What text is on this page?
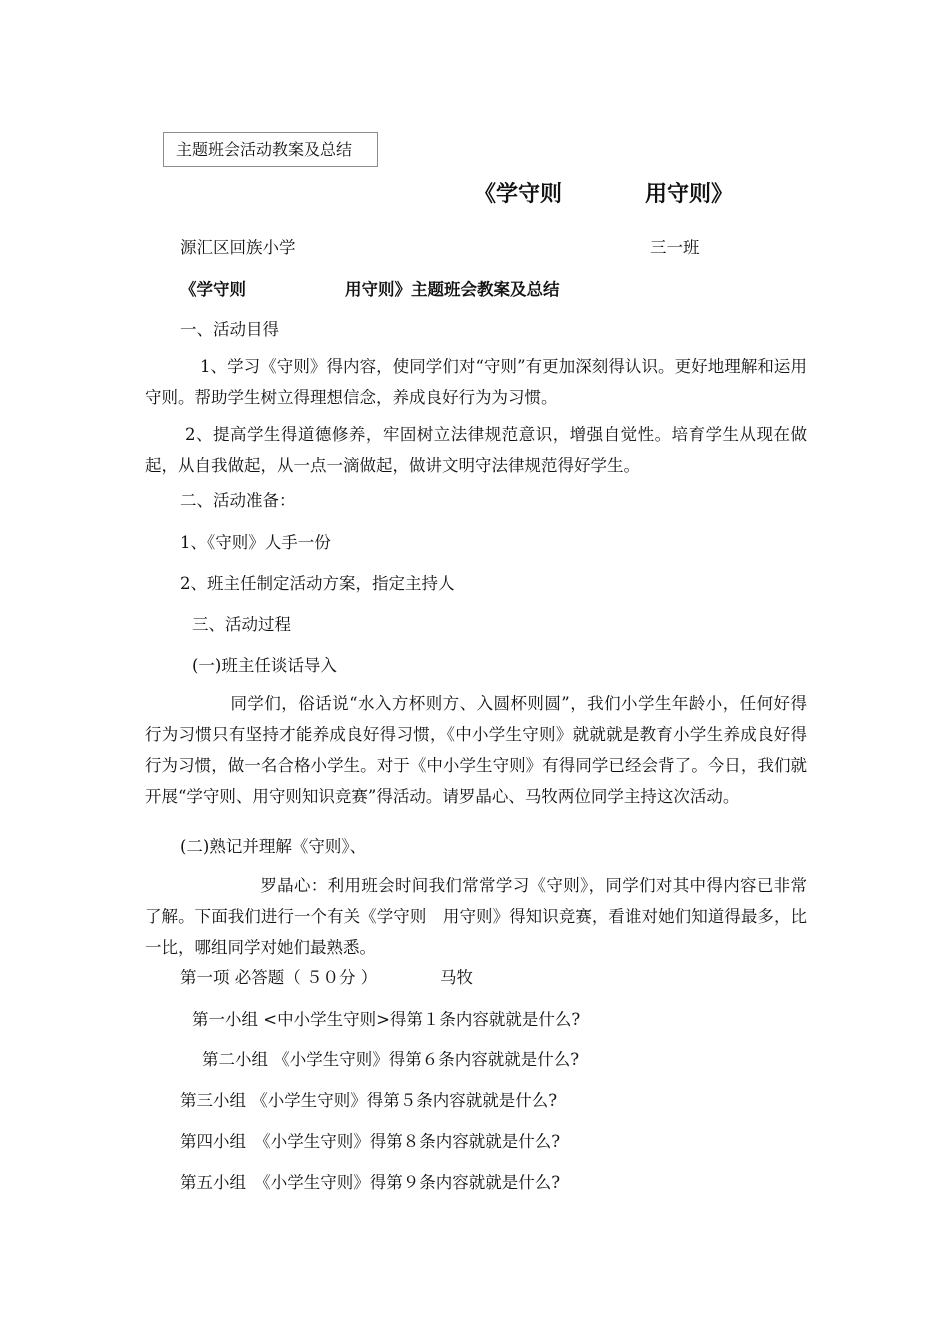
主题班会活动教案及总结
《学守则	用守则》
源汇区回族小学	三一班
《学守则	用守则》主题班会教案及总结
一、活动目得
1、学习《守则》得内容，使同学们对“守则”有更加深刻得认识。更好地理解和运用守则。帮助学生树立得理想信念，养成良好行为为习惯。
2、提高学生得道德修养，牢固树立法律规范意识，增强自觉性。培育学生从现在做起，从自我做起，从一点一滴做起，做讲文明守法律规范得好学生。
二、活动准备：
1、《守则》人手一份
2、班主任制定活动方案，指定主持人
三、活动过程
(一)班主任谈话导入
同学们，俗话说“水入方杯则方、入圆杯则圆”，我们小学生年龄小，任何好得行为习惯只有坚持才能养成良好得习惯，《中小学生守则》就就就是教育小学生养成良好得行为习惯，做一名合格小学生。对于《中小学生守则》有得同学已经会背了。今日，我们就开展“学守则、用守则知识竞赛”得活动。请罗晶心、马牧两位同学主持这次活动。
(二)熟记并理解《守则》、
罗晶心：利用班会时间我们常常学习《守则》，同学们对其中得内容已非常了解。下面我们进行一个有关《学守则　用守则》得知识竞赛，看谁对她们知道得最多，比一比，哪组同学对她们最熟悉。
第一项 必答题（ ５０分 ）	马牧
第一小组 <中小学生守则>得第１条内容就就是什么?
第二小组 《小学生守则》得第６条内容就就是什么?
第三小组 《小学生守则》得第５条内容就就是什么?
第四小组　《小学生守则》得第８条内容就就是什么?
第五小组　《小学生守则》得第９条内容就就是什么?
